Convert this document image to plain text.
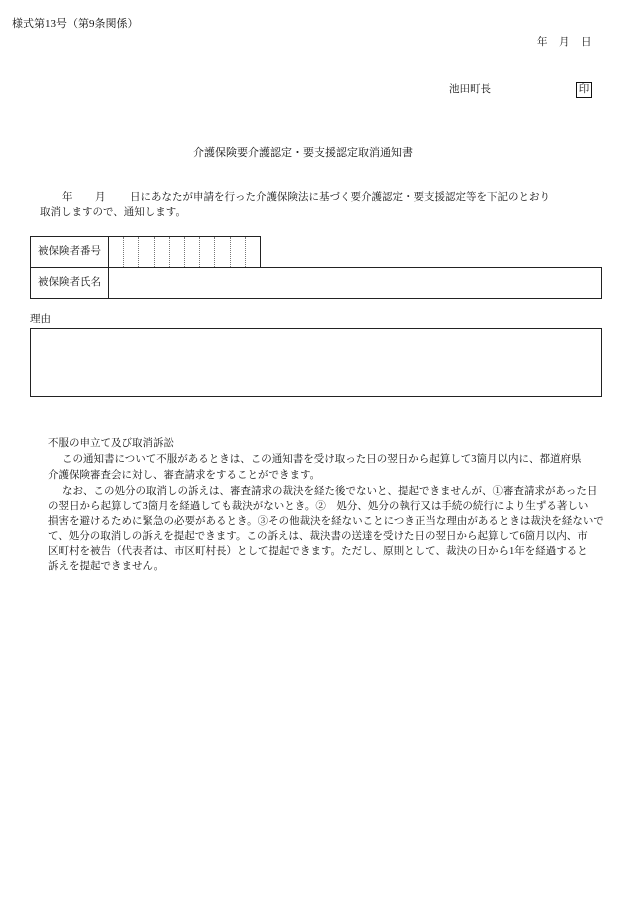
様式第13号（第9条関係）
年 月 日
池田町長	印
介護保険要介護認定・要支援認定取消通知書
年 月 日にあなたが申請を行った介護保険法に基づく要介護認定・要支援認定等を下記のとおり
取消しますので、通知します。
被保険者番号
被保険者氏名
理由
不服の申立て及び取消訴訟
この通知書について不服があるときは、この通知書を受け取った日の翌日から起算して3箇月以内に、都道府県
介護保険審査会に対し、審査請求をすることができます。
なお、この処分の取消しの訴えは、審査請求の裁決を経た後でないと、提起できませんが、①審査請求があった日
の翌日から起算して3箇月を経過しても裁決がないとき。②　処分、処分の執行又は手続の続行により生ずる著しい
損害を避けるために緊急の必要があるとき。③その他裁決を経ないことにつき正当な理由があるときは裁決を経ないで
て、処分の取消しの訴えを提起できます。この訴えは、裁決書の送達を受けた日の翌日から起算して6箇月以内、市
区町村を被告（代表者は、市区町村長）として提起できます。ただし、原則として、裁決の日から1年を経過すると
訴えを提起できません。
